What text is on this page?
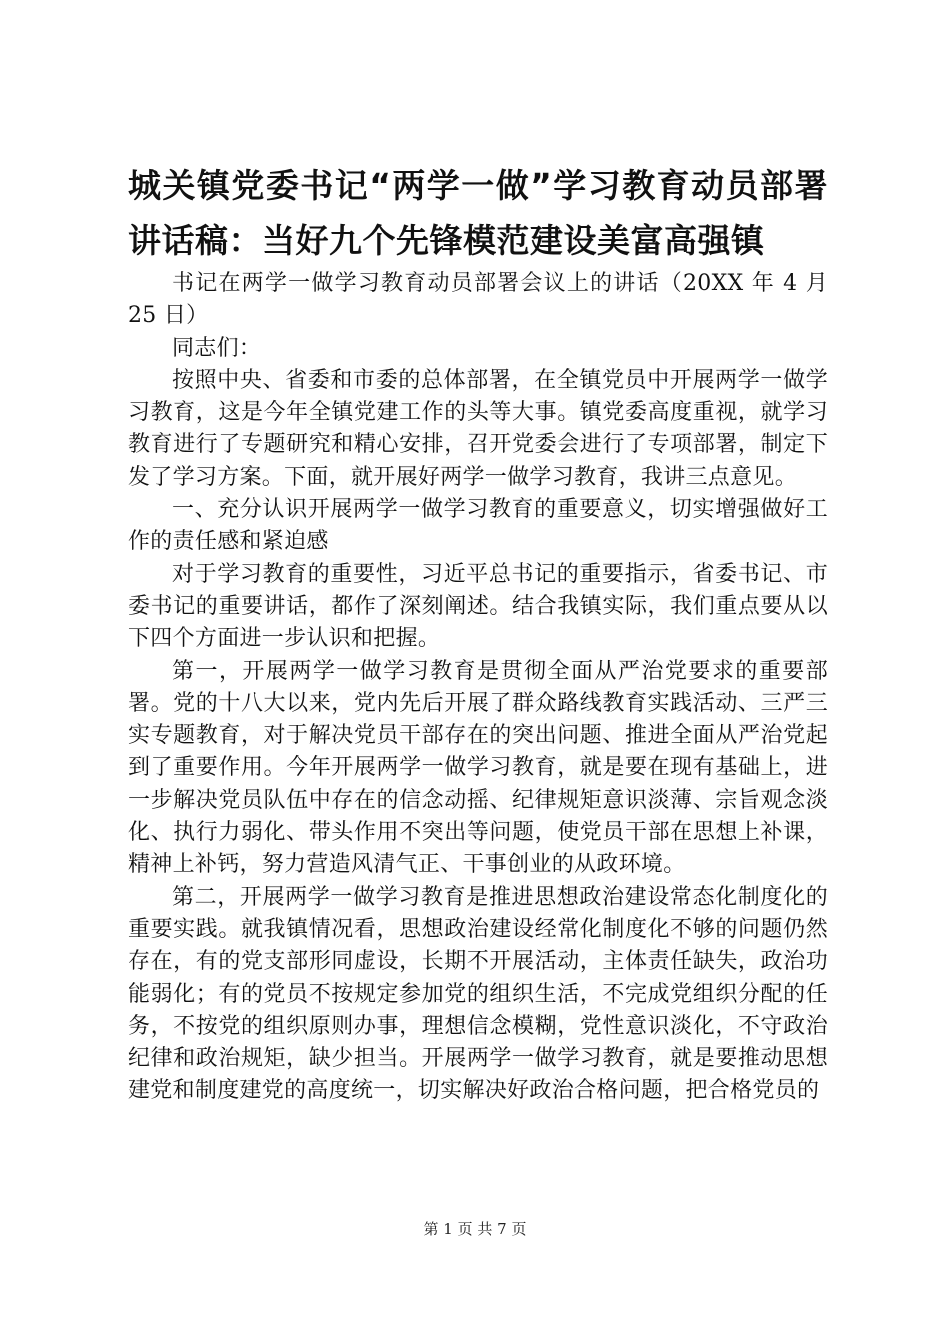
城关镇党委书记“两学一做”学习教育动员部署讲话稿：当好九个先锋模范建设美富高强镇

书记在两学一做学习教育动员部署会议上的讲话（20XX 年 4 月 25 日）

同志们：

按照中央、省委和市委的总体部署，在全镇党员中开展两学一做学习教育，这是今年全镇党建工作的头等大事。镇党委高度重视，就学习教育进行了专题研究和精心安排，召开党委会进行了专项部署，制定下发了学习方案。下面，就开展好两学一做学习教育，我讲三点意见。

一、充分认识开展两学一做学习教育的重要意义，切实增强做好工作的责任感和紧迫感

对于学习教育的重要性，习近平总书记的重要指示，省委书记、市委书记的重要讲话，都作了深刻阐述。结合我镇实际，我们重点要从以下四个方面进一步认识和把握。

第一，开展两学一做学习教育是贯彻全面从严治党要求的重要部署。党的十八大以来，党内先后开展了群众路线教育实践活动、三严三实专题教育，对于解决党员干部存在的突出问题、推进全面从严治党起到了重要作用。今年开展两学一做学习教育，就是要在现有基础上，进一步解决党员队伍中存在的信念动摇、纪律规矩意识淡薄、宗旨观念淡化、执行力弱化、带头作用不突出等问题，使党员干部在思想上补课，精神上补钙，努力营造风清气正、干事创业的从政环境。

第二，开展两学一做学习教育是推进思想政治建设常态化制度化的重要实践。就我镇情况看，思想政治建设经常化制度化不够的问题仍然存在，有的党支部形同虚设，长期不开展活动，主体责任缺失，政治功能弱化；有的党员不按规定参加党的组织生活，不完成党组织分配的任务，不按党的组织原则办事，理想信念模糊，党性意识淡化，不守政治纪律和政治规矩，缺少担当。开展两学一做学习教育，就是要推动思想建党和制度建党的高度统一，切实解决好政治合格问题，把合格党员的

第 1 页 共 7 页
